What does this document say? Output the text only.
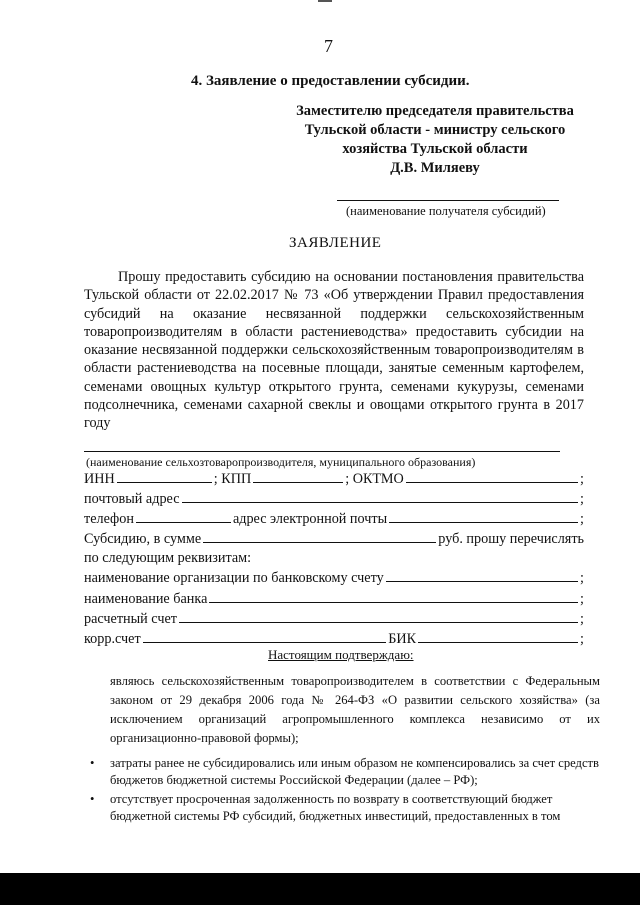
7
4. Заявление о предоставлении субсидии.
Заместителю председателя правительства
Тульской области - министру сельского
хозяйства Тульской области
Д.В. Миляеву
(наименование получателя субсидий)
ЗАЯВЛЕНИЕ

Прошу предоставить субсидию на основании постановления правительства Тульской области от 22.02.2017 № 73 «Об утверждении Правил предоставления субсидий на оказание несвязанной поддержки сельскохозяйственным товаропроизводителям в области растениеводства» предоставить субсидии на оказание несвязанной поддержки сельскохозяйственным товаропроизводителям в области растениеводства на посевные площади, занятые семенным картофелем, семенами овощных культур открытого грунта, семенами кукурузы, семенами подсолнечника, семенами сахарной свеклы и овощами открытого грунта в 2017 году

(наименование сельхозтоваропроизводителя, муниципального образования)
ИНН	; КПП	; ОКТМО	;
почтовый адрес	;
телефон	адрес электронной почты	;
Субсидию, в сумме	руб. прошу перечислять
по следующим реквизитам:
наименование организации по банковскому счету	;
наименование банка	;
расчетный счет	;
корр.счет	БИК	;
Настоящим подтверждаю:

являюсь сельскохозяйственным товаропроизводителем в соответствии с Федеральным законом от 29 декабря 2006 года № 264-ФЗ «О развитии сельского хозяйства» (за исключением организаций агропромышленного комплекса независимо от их организационно-правовой формы);

• затраты ранее не субсидировались или иным образом не компенсировались за счет средств бюджетов бюджетной системы Российской Федерации (далее – РФ);
• отсутствует просроченная задолженность по возврату в соответствующий бюджет бюджетной системы РФ субсидий, бюджетных инвестиций, предоставленных в том
